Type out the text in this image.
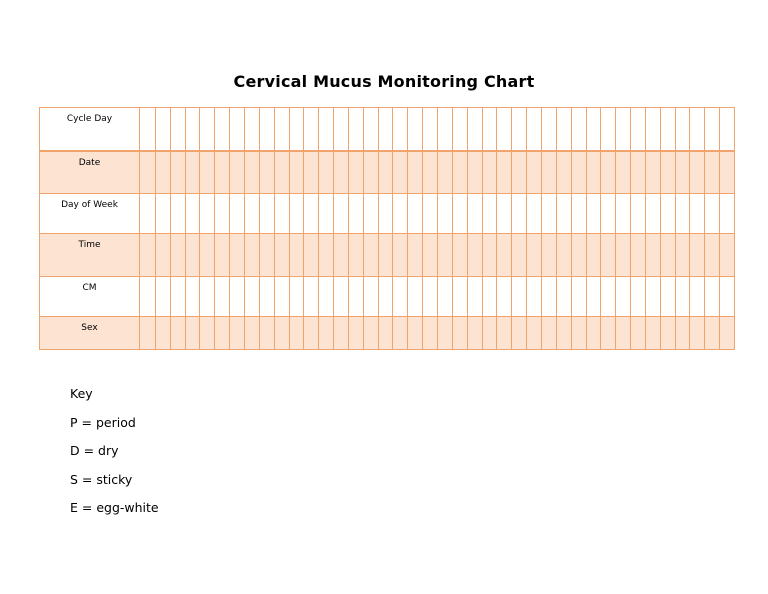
Cervical Mucus Monitoring Chart
Cycle Day
Date
Day of Week
Time
CM
Sex
Key
P = period
D = dry
S = sticky
E = egg-white
